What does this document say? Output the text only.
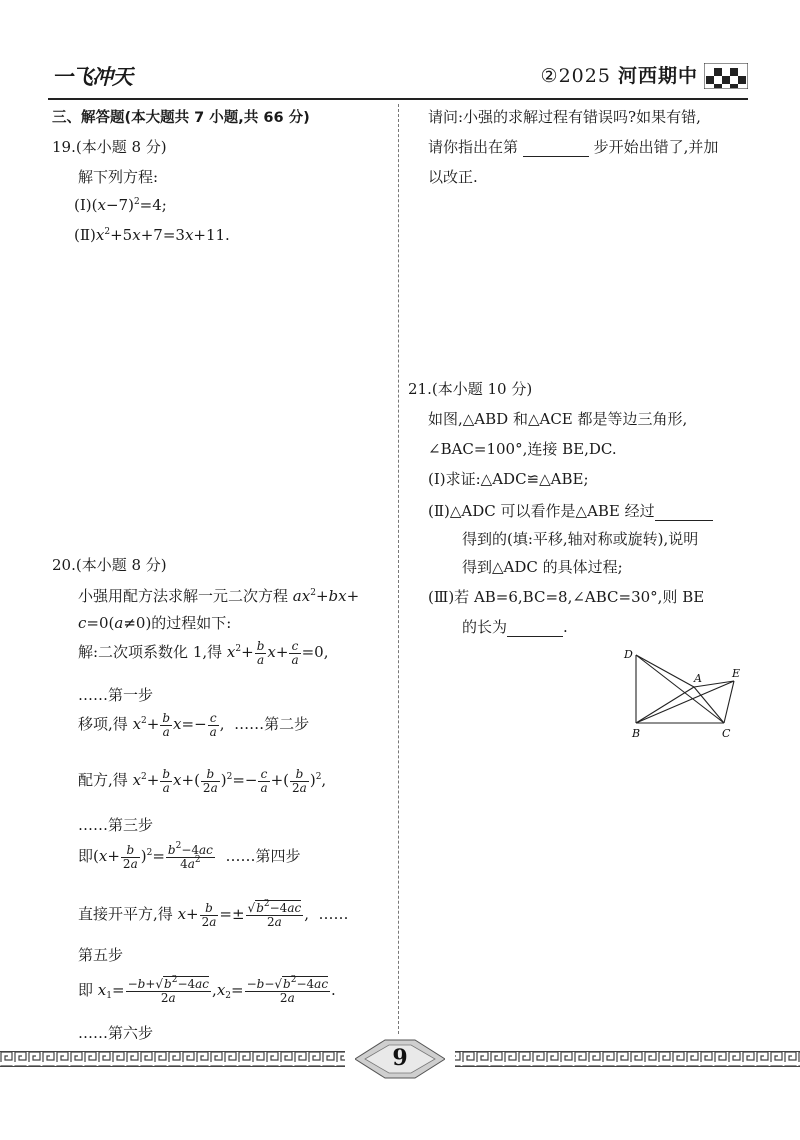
一飞冲天	②2025 河西期中
三、解答题(本大题共 7 小题,共 66 分)
19.(本小题 8 分)
解下列方程:
$(Ⅰ)(x-7)^2=4$;
$(Ⅱ)x^2+5x+7=3x+11$.
20.(本小题 8 分)
小强用配方法求解一元二次方程 $ax^2+bx+$
c=0(a≠0)的过程如下:
解:二次项系数化 1,得 $x^2+ \frac{b}{a} x+ \frac{c}{a} =0$,
……第一步
移项,得 $x^2+ \frac{b}{a} x=- \frac{c}{a}$ ,  ……第二步
配方,得 $x^2+ \frac{b}{a} x+( \frac{b}{2a} )^2=- \frac{c}{a}$ +( $\frac{b}{2a} )^2$,
……第三步
即$(x+ \frac{b}{2a} )^2= \frac{b^2-4ac}{4a^2}$ ……第四步
直接开平方,得 $x+ \frac{b}{2a} =\pm \frac{√b^2-4ac}{2a}$ ,  ……
第五步
即 $x_1= \frac{-b+√b^2-4ac}{2a} ,x_2= \frac{-b-√b^2-4ac}{2a}$ .
……第六步
请问:小强的求解过程有错误吗?如果有错,
请你指出在第	步开始出错了,并加
以改正.
21.(本小题 10 分)
如图,△ABD 和△ACE 都是等边三角形,
∠BAC=100°,连接 BE,DC.
(Ⅰ)求证:△ADC≌△ABE;
(Ⅱ)△ADC 可以看作是△ABE 经过
得到的(填:平移,轴对称或旋转),说明
得到△ADC 的具体过程;
(Ⅲ)若 AB=6,BC=8,∠ABC=30°,则 BE
的长为	.
D
A	E
B	C
9
